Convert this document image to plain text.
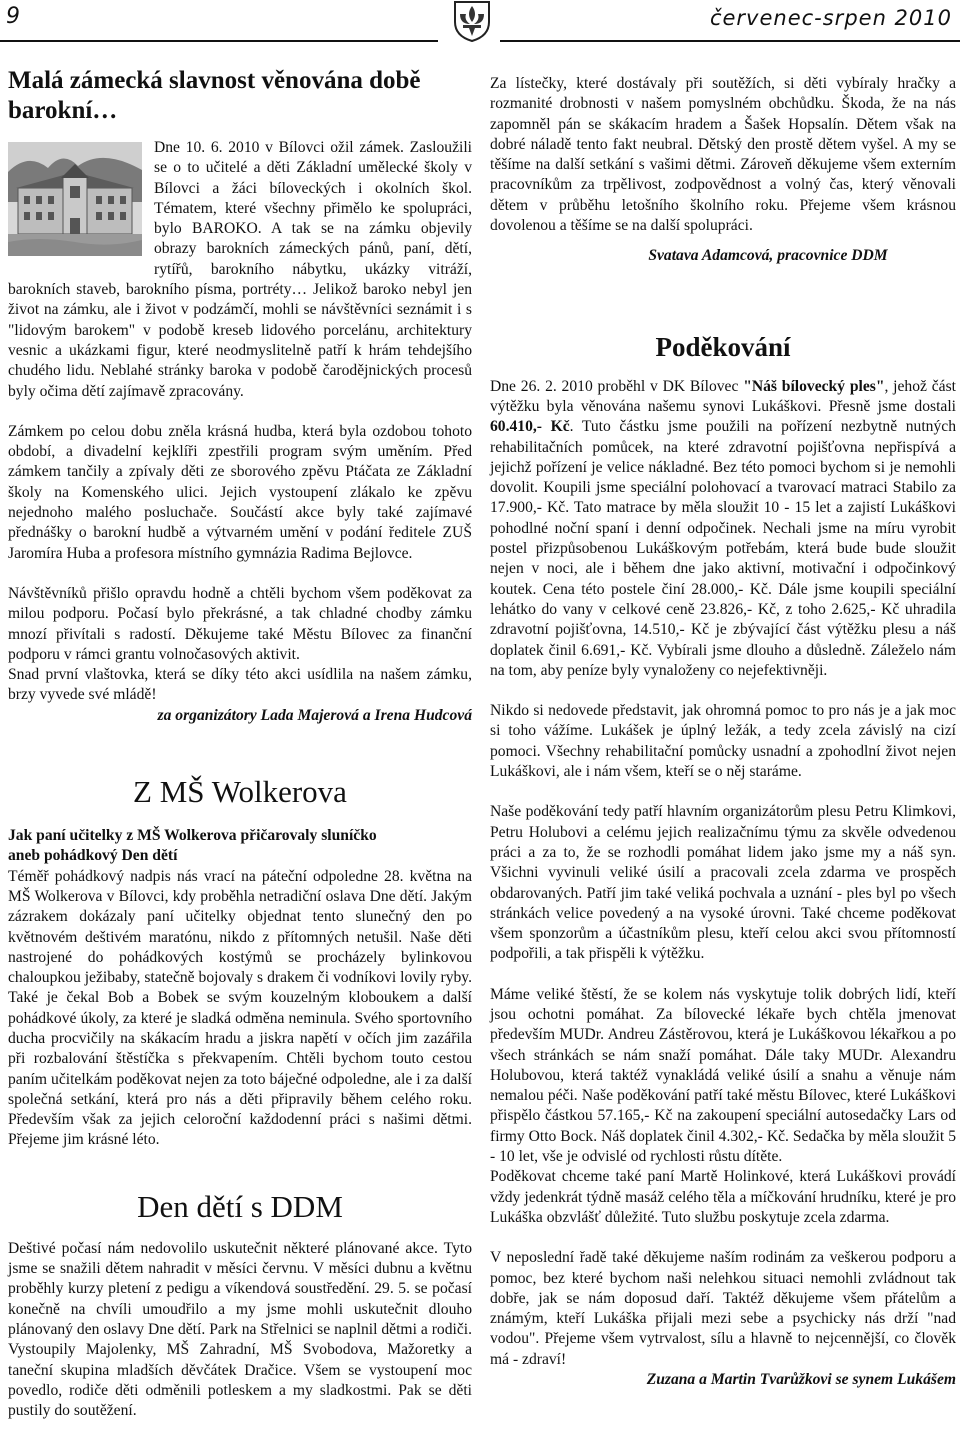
9	červenec-srpen 2010
Malá zámecká slavnost věnována době barokní…

Dne 10. 6. 2010 v Bílovci ožil zámek. Zasloužili se o to učitelé a děti Základní umělecké školy v Bílovci a žáci bíloveckých i okolních škol. Tématem, které všechny přimělo ke spolupráci, bylo BAROKO. A tak se na zámku objevily obrazy barokních zámeckých pánů, paní, dětí, rytířů, barokního nábytku, ukázky vitráží, barokních staveb, barokního písma, portréty… Jelikož baroko nebyl jen život na zámku, ale i život v podzámčí, mohli se návštěvníci seznámit i s "lidovým barokem" v podobě kreseb lidového porcelánu, architektury vesnic a ukázkami figur, které neodmyslitelně patří k hrám tehdejšího chudého lidu. Neblahé stránky baroka v podobě čarodějnických procesů byly očima dětí zajímavě zpracovány.

Zámkem po celou dobu zněla krásná hudba, která byla ozdobou tohoto období, a divadelní kejklíři zpestřili program svým uměním. Před zámkem tančily a zpívaly děti ze sborového zpěvu Ptáčata ze Základní školy na Komenského ulici. Jejich vystoupení zlákalo ke zpěvu nejednoho malého posluchače. Součástí akce byly také zajímavé přednášky o barokní hudbě a výtvarném umění v podání ředitele ZUŠ Jaromíra Huba a profesora místního gymnázia Radima Bejlovce.

Návštěvníků přišlo opravdu hodně a chtěli bychom všem poděkovat za milou podporu. Počasí bylo překrásné, a tak chladné chodby zámku mnozí přivítali s radostí. Děkujeme také Městu Bílovec za finanční podporu v rámci grantu volnočasových aktivit.

Snad první vlaštovka, která se díky této akci usídlila na našem zámku, brzy vyvede své mládě!

za organizátory Lada Majerová a Irena Hudcová

Z MŠ Wolkerova

Jak paní učitelky z MŠ Wolkerova přičarovaly sluníčko

aneb pohádkový Den dětí

Téměř pohádkový nadpis nás vrací na páteční odpoledne 28. května na MŠ Wolkerova v Bílovci, kdy proběhla netradiční oslava Dne dětí. Jakým zázrakem dokázaly paní učitelky objednat tento slunečný den po květnovém deštivém maratónu, nikdo z přítomných netušil. Naše děti nastrojené do pohádkových kostýmů se procházely bylinkovou chaloupkou ježibaby, statečně bojovaly s drakem či vodníkovi lovily ryby. Také je čekal Bob a Bobek se svým kouzelným kloboukem a další pohádkové úkoly, za které je sladká odměna neminula. Svého sportovního ducha procvičily na skákacím hradu a jiskra napětí v očích jim zazářila při rozbalování štěstíčka s překvapením. Chtěli bychom touto cestou paním učitelkám poděkovat nejen za toto báječné odpoledne, ale i za další společná setkání, která pro nás a děti připravily během celého roku. Především však za jejich celoroční každodenní práci s našimi dětmi. Přejeme jim krásné léto.

Den dětí s DDM

Deštivé počasí nám nedovolilo uskutečnit některé plánované akce. Tyto jsme se snažili dětem nahradit v měsíci červnu. V měsíci dubnu a květnu proběhly kurzy pletení z pedigu a víkendová soustředění. 29. 5. se počasí konečně na chvíli umoudřilo a my jsme mohli uskutečnit dlouho plánovaný den oslavy Dne dětí. Park na Střelnici se naplnil dětmi a rodiči. Vystoupily Majolenky, MŠ Zahradní, MŠ Svobodova, Mažoretky a taneční skupina mladších děvčátek Dračice. Všem se vystoupení moc povedlo, rodiče děti odměnili potleskem a my sladkostmi. Pak se děti pustily do soutěžení.

Za lístečky, které dostávaly při soutěžích, si děti vybíraly hračky a rozmanité drobnosti v našem pomyslném obchůdku. Škoda, že na nás zapomněl pán se skákacím hradem a Šašek Hopsalín. Dětem však na dobré náladě tento fakt neubral. Dětský den prostě dětem vyšel. A my se těšíme na další setkání s vašimi dětmi. Zároveň děkujeme všem externím pracovníkům za trpělivost, zodpovědnost a volný čas, který věnovali dětem v průběhu letošního školního roku. Přejeme všem krásnou dovolenou a těšíme se na další spolupráci.

Svatava Adamcová, pracovnice DDM

Poděkování

Dne 26. 2. 2010 proběhl v DK Bílovec "Náš bílovecký ples", jehož část výtěžku byla věnována našemu synovi Lukáškovi. Přesně jsme dostali 60.410,- Kč. Tuto částku jsme použili na pořízení nezbytně nutných rehabilitačních pomůcek, na které zdravotní pojišťovna nepřispívá a jejichž pořízení je velice nákladné. Bez této pomoci bychom si je nemohli dovolit. Koupili jsme speciální polohovací a tvarovací matraci Stabilo za 17.900,- Kč. Tato matrace by měla sloužit 10 - 15 let a zajistí Lukáškovi pohodlné noční spaní i denní odpočinek. Nechali jsme na míru vyrobit postel přizpůsobenou Lukáškovým potřebám, která bude bude sloužit nejen v noci, ale i během dne jako aktivní, motivační i odpočinkový koutek. Cena této postele činí 28.000,- Kč. Dále jsme koupili speciální lehátko do vany v celkové ceně 23.826,- Kč, z toho 2.625,- Kč uhradila zdravotní pojišťovna, 14.510,- Kč je zbývající část výtěžku plesu a náš doplatek činil 6.691,- Kč. Vybírali jsme dlouho a důsledně. Záleželo nám na tom, aby peníze byly vynaloženy co nejefektivněji.

Nikdo si nedovede představit, jak ohromná pomoc to pro nás je a jak moc si toho vážíme. Lukášek je úplný ležák, a tedy zcela závislý na cizí pomoci. Všechny rehabilitační pomůcky usnadní a zpohodlní život nejen Lukáškovi, ale i nám všem, kteří se o něj staráme.

Naše poděkování tedy patří hlavním organizátorům plesu Petru Klimkovi, Petru Holubovi a celému jejich realizačnímu týmu za skvěle odvedenou práci a za to, že se rozhodli pomáhat lidem jako jsme my a náš syn. Všichni vyvinuli veliké úsilí a pracovali zcela zdarma ve prospěch obdarovaných. Patří jim také veliká pochvala a uznání - ples byl po všech stránkách velice povedený a na vysoké úrovni. Také chceme poděkovat všem sponzorům a účastníkům plesu, kteří celou akci svou přítomností podpořili, a tak přispěli k výtěžku.

Máme veliké štěstí, že se kolem nás vyskytuje tolik dobrých lidí, kteří jsou ochotni pomáhat. Za bílovecké lékaře bych chtěla jmenovat především MUDr. Andreu Zástěrovou, která je Lukáškovou lékařkou a po všech stránkách se nám snaží pomáhat. Dále taky MUDr. Alexandru Holubovou, která taktéž vynakládá veliké úsilí a snahu a věnuje nám nemalou péči. Naše poděkování patří také městu Bílovec, které Lukáškovi přispělo částkou 57.165,- Kč na zakoupení speciální autosedačky Lars od firmy Otto Bock. Náš doplatek činil 4.302,- Kč. Sedačka by měla sloužit 5 - 10 let, vše je odvislé od rychlosti růstu dítěte.

Poděkovat chceme také paní Martě Holinkové, která Lukáškovi provádí vždy jedenkrát týdně masáž celého těla a míčkování hrudníku, které je pro Lukáška obzvlášť důležité. Tuto službu poskytuje zcela zdarma.

V neposlední řadě také děkujeme naším rodinám za veškerou podporu a pomoc, bez které bychom naši nelehkou situaci nemohli zvládnout tak dobře, jak se nám doposud daří. Taktéž děkujeme všem přátelům a známým, kteří Lukáška přijali mezi sebe a psychicky nás drží "nad vodou". Přejeme všem vytrvalost, sílu a hlavně to nejcennější, co člověk má - zdraví!

Zuzana a Martin Tvarůžkovi se synem Lukášem
